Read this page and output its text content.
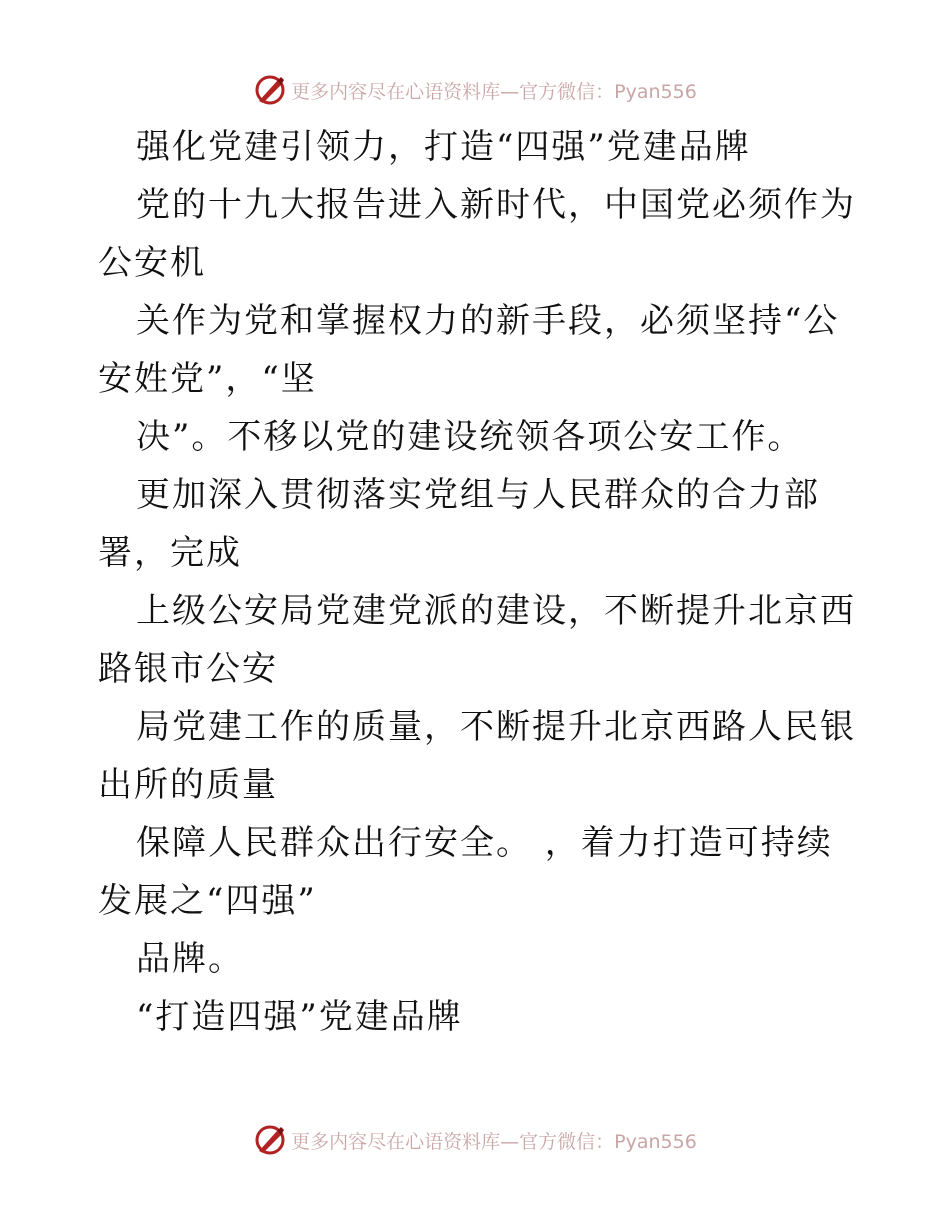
更多内容尽在心语资料库—官方微信：Pyan556

强化党建引领力，打造“四强”党建品牌

党的十九大报告进入新时代，中国党必须作为公安机

关作为党和掌握权力的新手段，必须坚持“公安姓党”，“坚

决”。不移以党的建设统领各项公安工作。

更加深入贯彻落实党组与人民群众的合力部署，完成

上级公安局党建党派的建设，不断提升北京西路银市公安

局党建工作的质量，不断提升北京西路人民银出所的质量

保障人民群众出行安全。 ，着力打造可持续发展之“四强”

品牌。

“打造四强”党建品牌

更多内容尽在心语资料库—官方微信：Pyan556
